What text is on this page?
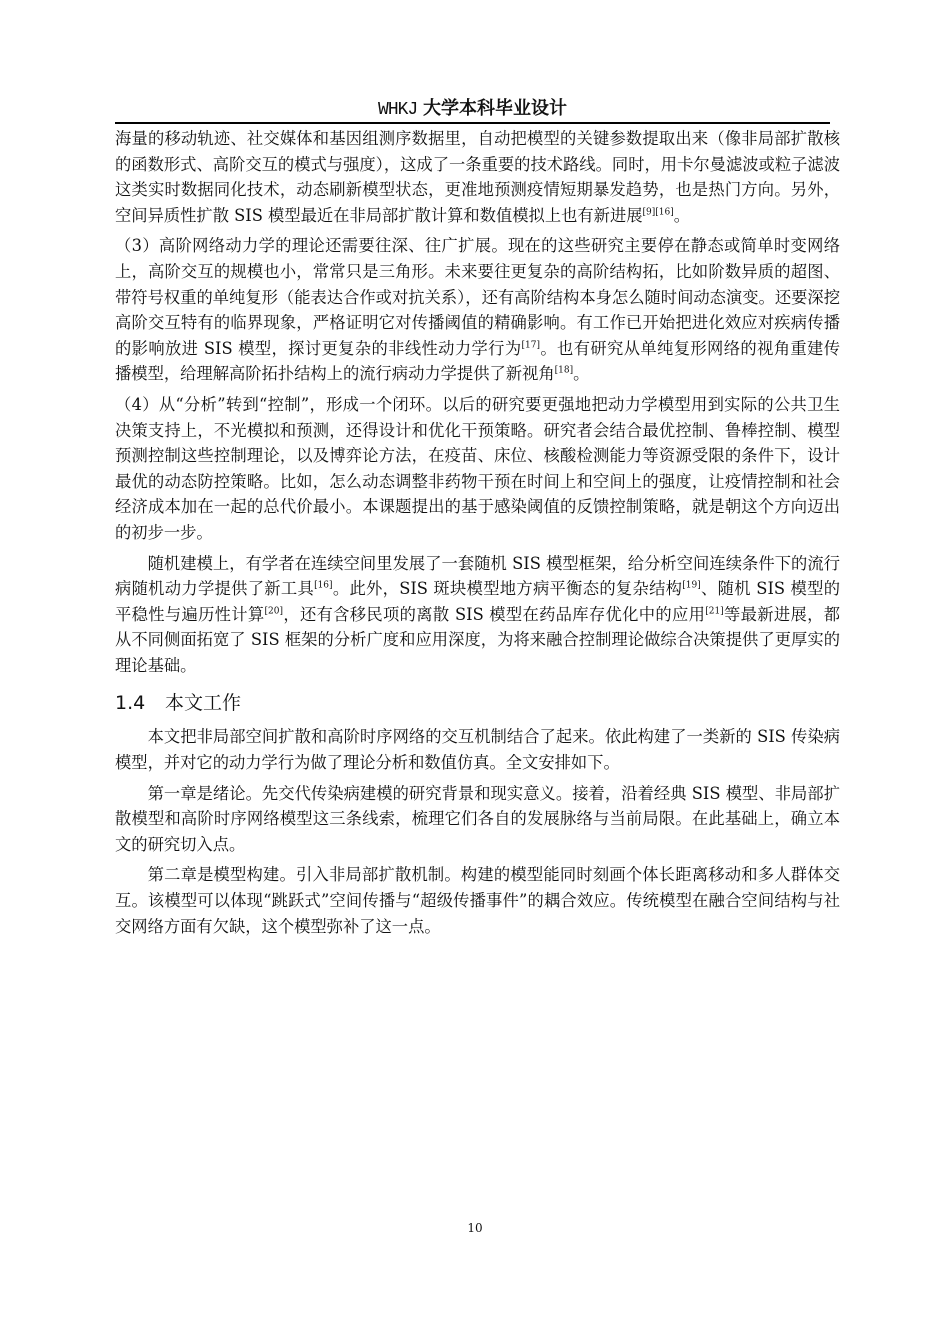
WHKJ 大学本科毕业设计

海量的移动轨迹、社交媒体和基因组测序数据里，自动把模型的关键参数提取出来（像非局部扩散核的函数形式、高阶交互的模式与强度），这成了一条重要的技术路线。同时，用卡尔曼滤波或粒子滤波这类实时数据同化技术，动态刷新模型状态，更准地预测疫情短期暴发趋势，也是热门方向。另外，空间异质性扩散 SIS 模型最近在非局部扩散计算和数值模拟上也有新进展[9][16]。

（3）高阶网络动力学的理论还需要往深、往广扩展。现在的这些研究主要停在静态或简单时变网络上，高阶交互的规模也小，常常只是三角形。未来要往更复杂的高阶结构拓，比如阶数异质的超图、带符号权重的单纯复形（能表达合作或对抗关系），还有高阶结构本身怎么随时间动态演变。还要深挖高阶交互特有的临界现象，严格证明它对传播阈值的精确影响。有工作已开始把进化效应对疾病传播的影响放进 SIS 模型，探讨更复杂的非线性动力学行为[17]。也有研究从单纯复形网络的视角重建传播模型，给理解高阶拓扑结构上的流行病动力学提供了新视角[18]。

（4）从“分析”转到“控制”，形成一个闭环。以后的研究要更强地把动力学模型用到实际的公共卫生决策支持上，不光模拟和预测，还得设计和优化干预策略。研究者会结合最优控制、鲁棒控制、模型预测控制这些控制理论，以及博弈论方法，在疫苗、床位、核酸检测能力等资源受限的条件下，设计最优的动态防控策略。比如，怎么动态调整非药物干预在时间上和空间上的强度，让疫情控制和社会经济成本加在一起的总代价最小。本课题提出的基于感染阈值的反馈控制策略，就是朝这个方向迈出的初步一步。

随机建模上，有学者在连续空间里发展了一套随机 SIS 模型框架，给分析空间连续条件下的流行病随机动力学提供了新工具[16]。此外，SIS 斑块模型地方病平衡态的复杂结构[19]、随机 SIS 模型的平稳性与遍历性计算[20]，还有含移民项的离散 SIS 模型在药品库存优化中的应用[21]等最新进展，都从不同侧面拓宽了 SIS 框架的分析广度和应用深度，为将来融合控制理论做综合决策提供了更厚实的理论基础。

1.4 本文工作

本文把非局部空间扩散和高阶时序网络的交互机制结合了起来。依此构建了一类新的 SIS 传染病模型，并对它的动力学行为做了理论分析和数值仿真。全文安排如下。

第一章是绪论。先交代传染病建模的研究背景和现实意义。接着，沿着经典 SIS 模型、非局部扩散模型和高阶时序网络模型这三条线索，梳理它们各自的发展脉络与当前局限。在此基础上，确立本文的研究切入点。

第二章是模型构建。引入非局部扩散机制。构建的模型能同时刻画个体长距离移动和多人群体交互。该模型可以体现“跳跃式”空间传播与“超级传播事件”的耦合效应。传统模型在融合空间结构与社交网络方面有欠缺，这个模型弥补了这一点。

10
